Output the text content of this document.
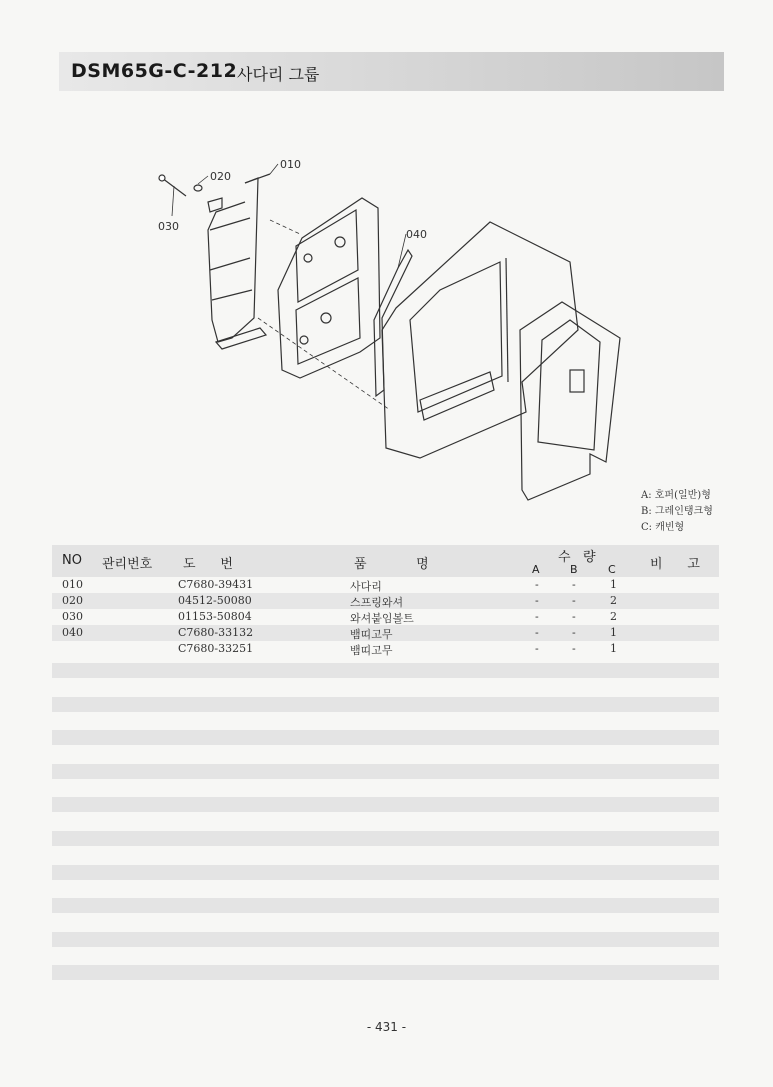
DSM65G-C-212 사다리 그룹
010
020
030
040
A: 호퍼(일반)형
B: 그레인탱크형
C: 캐빈형
NO 관리번호 도      번	품            명	수   량
A	B	C	비      고
010	C7680-39431	사다리	-	-	1
020	04512-50080	스프링와셔	-	-	2
030	01153-50804	와셔붙임볼트	-	-	2
040	C7680-33132	뱀띠고무	-	-	1
C7680-33251	뱀띠고무	-	-	1
- 431 -
